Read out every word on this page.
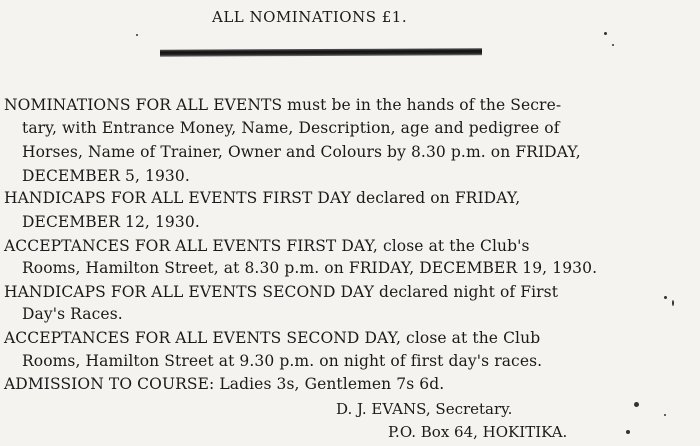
ALL NOMINATIONS £1.
NOMINATIONS FOR ALL EVENTS must be in the hands of the Secre-
tary, with Entrance Money, Name, Description, age and pedigree of
Horses, Name of Trainer, Owner and Colours by 8.30 p.m. on FRIDAY,
DECEMBER 5, 1930.
HANDICAPS FOR ALL EVENTS FIRST DAY declared on FRIDAY,
DECEMBER 12, 1930.
ACCEPTANCES FOR ALL EVENTS FIRST DAY, close at the Club's
Rooms, Hamilton Street, at 8.30 p.m. on FRIDAY, DECEMBER 19, 1930.
HANDICAPS FOR ALL EVENTS SECOND DAY declared night of First
Day's Races.
ACCEPTANCES FOR ALL EVENTS SECOND DAY, close at the Club
Rooms, Hamilton Street at 9.30 p.m. on night of first day's races.
ADMISSION TO COURSE: Ladies 3s, Gentlemen 7s 6d.
D. J. EVANS, Secretary.
P.O. Box 64, HOKITIKA.
